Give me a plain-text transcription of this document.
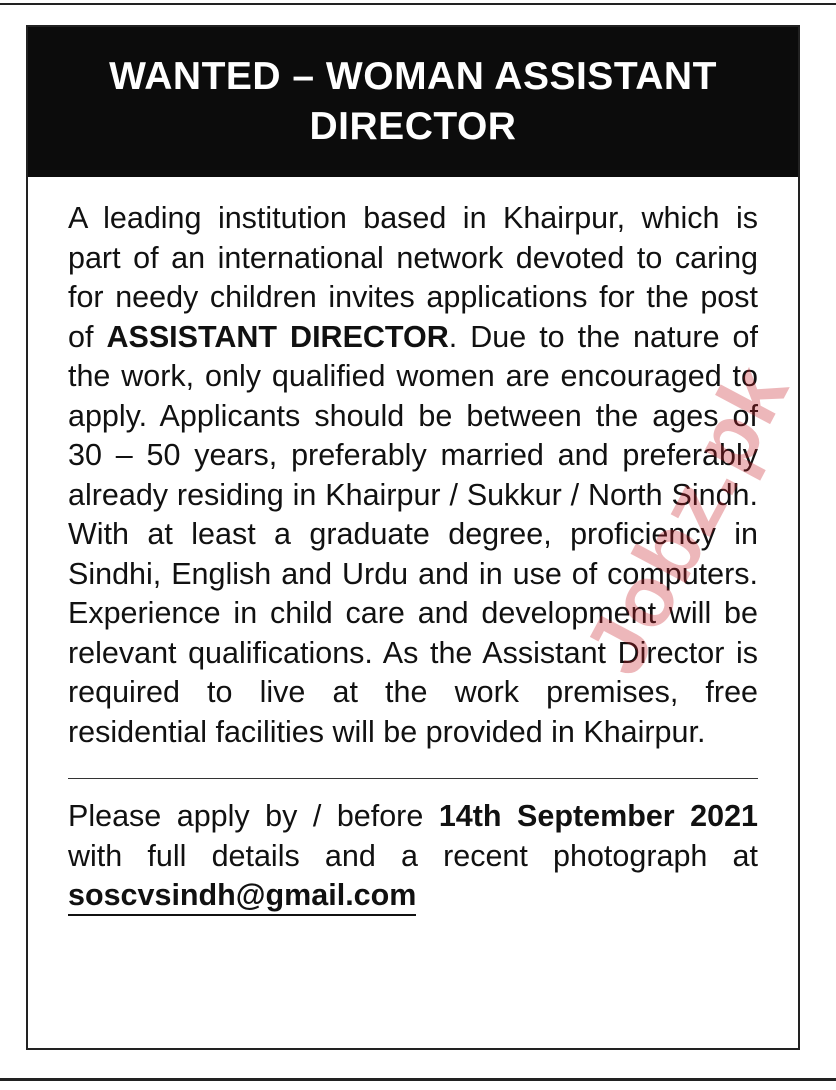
WANTED – WOMAN ASSISTANT DIRECTOR

A leading institution based in Khairpur, which is part of an international network devoted to caring for needy children invites applications for the post of ASSISTANT DIRECTOR. Due to the nature of the work, only qualified women are encouraged to apply. Applicants should be between the ages of 30 – 50 years, preferably married and preferably already residing in Khairpur / Sukkur / North Sindh. With at least a graduate degree, proficiency in Sindhi, English and Urdu and in use of computers. Experience in child care and development will be relevant qualifications. As the Assistant Director is required to live at the work premises, free residential facilities will be provided in Khairpur.

Please apply by / before 14th September 2021 with full details and a recent photograph at soscvsindh@gmail.com

Jobz.pk
